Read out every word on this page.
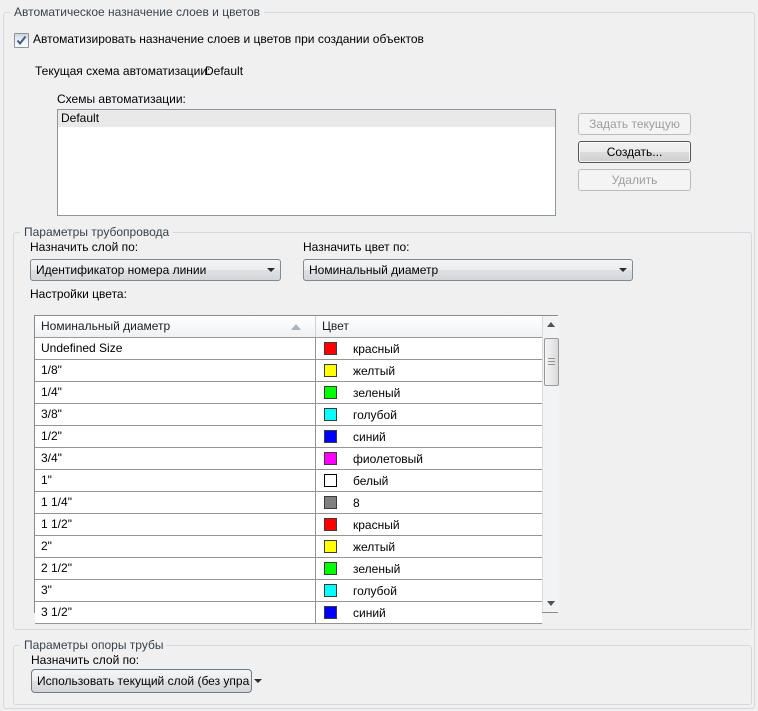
Автоматическое назначение слоев и цветов
Автоматизировать назначение слоев и цветов при создании объектов
Текущая схема автоматизации:
Default
Схемы автоматизации:
Default	Задать текущую
Создать...
Удалить
Параметры трубопровода
Назначить слой по:
Идентификатор номера линии
Назначить цвет по:
Номинальный диаметр
Настройки цвета:
Номинальный диаметр	Цвет
Undefined Size	красный
1/8"	желтый
1/4"	зеленый
3/8"	голубой
1/2"	синий
3/4"	фиолетовый
1"	белый
1 1/4"	8
1 1/2"	красный
2"	желтый
2 1/2"	зеленый
3"	голубой
3 1/2"	синий
Параметры опоры трубы
Назначить слой по:
Использовать текущий слой (без упра
